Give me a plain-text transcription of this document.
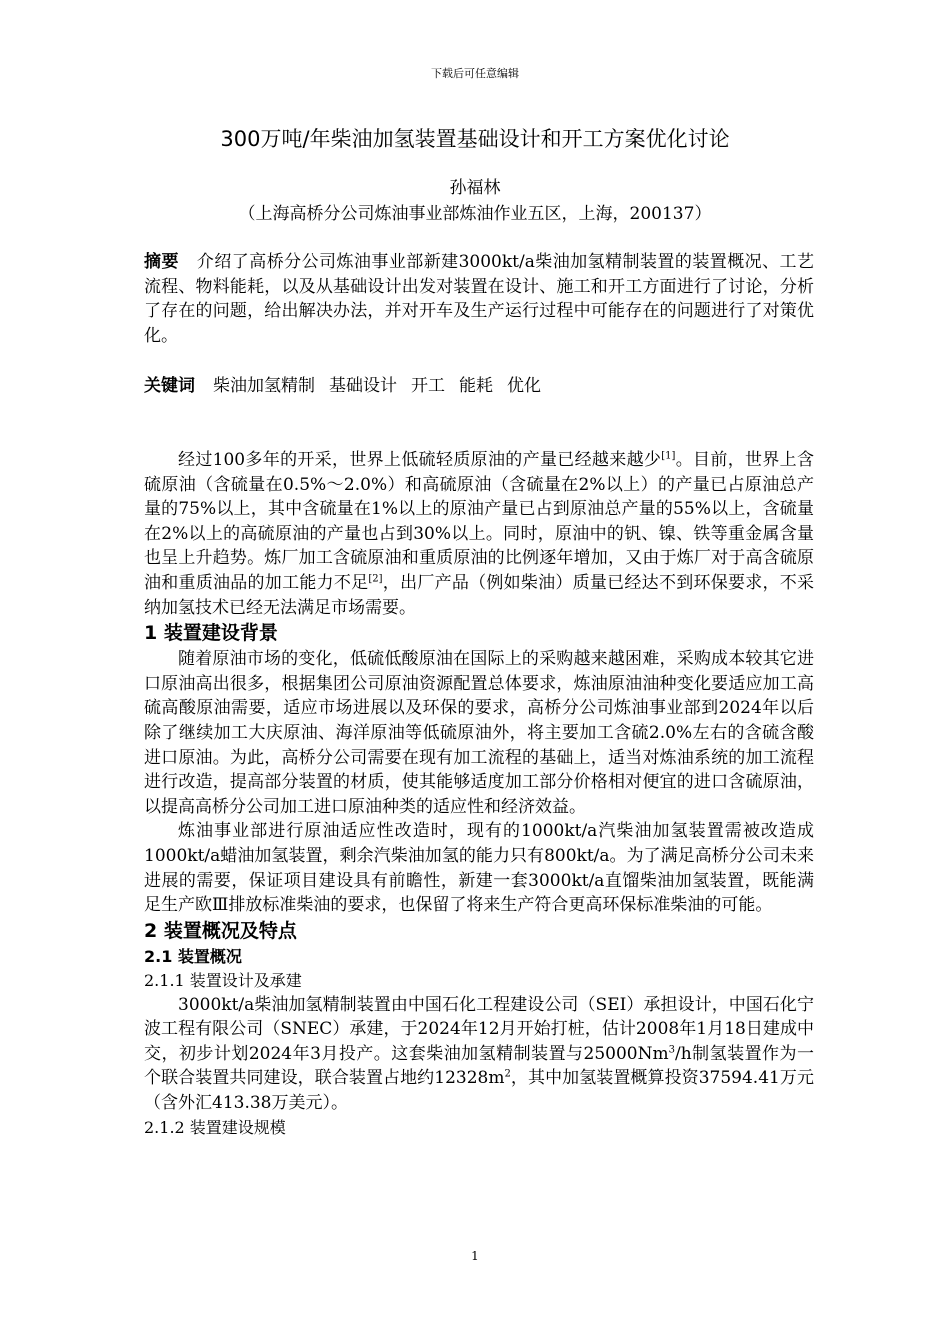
下载后可任意编辑
300万吨/年柴油加氢装置基础设计和开工方案优化讨论
孙福林
（上海高桥分公司炼油事业部炼油作业五区，上海，200137）
摘要 介绍了高桥分公司炼油事业部新建3000kt/a柴油加氢精制装置的装置概况、工艺流程、物料能耗，以及从基础设计出发对装置在设计、施工和开工方面进行了讨论，分析了存在的问题，给出解决办法，并对开车及生产运行过程中可能存在的问题进行了对策优化。
关键词 柴油加氢精制 基础设计 开工 能耗 优化

经过100多年的开采，世界上低硫轻质原油的产量已经越来越少[1]。目前，世界上含硫原油（含硫量在0.5%～2.0%）和高硫原油（含硫量在2%以上）的产量已占原油总产量的75%以上，其中含硫量在1%以上的原油产量已占到原油总产量的55%以上，含硫量在2%以上的高硫原油的产量也占到30%以上。同时，原油中的钒、镍、铁等重金属含量也呈上升趋势。炼厂加工含硫原油和重质原油的比例逐年增加，又由于炼厂对于高含硫原油和重质油品的加工能力不足[2]，出厂产品（例如柴油）质量已经达不到环保要求，不采纳加氢技术已经无法满足市场需要。

1 装置建设背景

随着原油市场的变化，低硫低酸原油在国际上的采购越来越困难，采购成本较其它进口原油高出很多，根据集团公司原油资源配置总体要求，炼油原油油种变化要适应加工高硫高酸原油需要，适应市场进展以及环保的要求，高桥分公司炼油事业部到2024年以后除了继续加工大庆原油、海洋原油等低硫原油外，将主要加工含硫2.0%左右的含硫含酸进口原油。为此，高桥分公司需要在现有加工流程的基础上，适当对炼油系统的加工流程进行改造，提高部分装置的材质，使其能够适度加工部分价格相对便宜的进口含硫原油，以提高高桥分公司加工进口原油种类的适应性和经济效益。

炼油事业部进行原油适应性改造时，现有的1000kt/a汽柴油加氢装置需被改造成1000kt/a蜡油加氢装置，剩余汽柴油加氢的能力只有800kt/a。为了满足高桥分公司未来进展的需要，保证项目建设具有前瞻性，新建一套3000kt/a直馏柴油加氢装置，既能满足生产欧Ⅲ排放标准柴油的要求，也保留了将来生产符合更高环保标准柴油的可能。

2 装置概况及特点
2.1 装置概况
2.1.1 装置设计及承建

3000kt/a柴油加氢精制装置由中国石化工程建设公司（SEI）承担设计，中国石化宁波工程有限公司（SNEC）承建，于2024年12月开始打桩，估计2008年1月18日建成中交，初步计划2024年3月投产。这套柴油加氢精制装置与25000Nm$^3$/h制氢装置作为一个联合装置共同建设，联合装置占地约$12328m^2$，其中加氢装置概算投资37594.41万元（含外汇413.38万美元）。

2.1.2 装置建设规模
1
